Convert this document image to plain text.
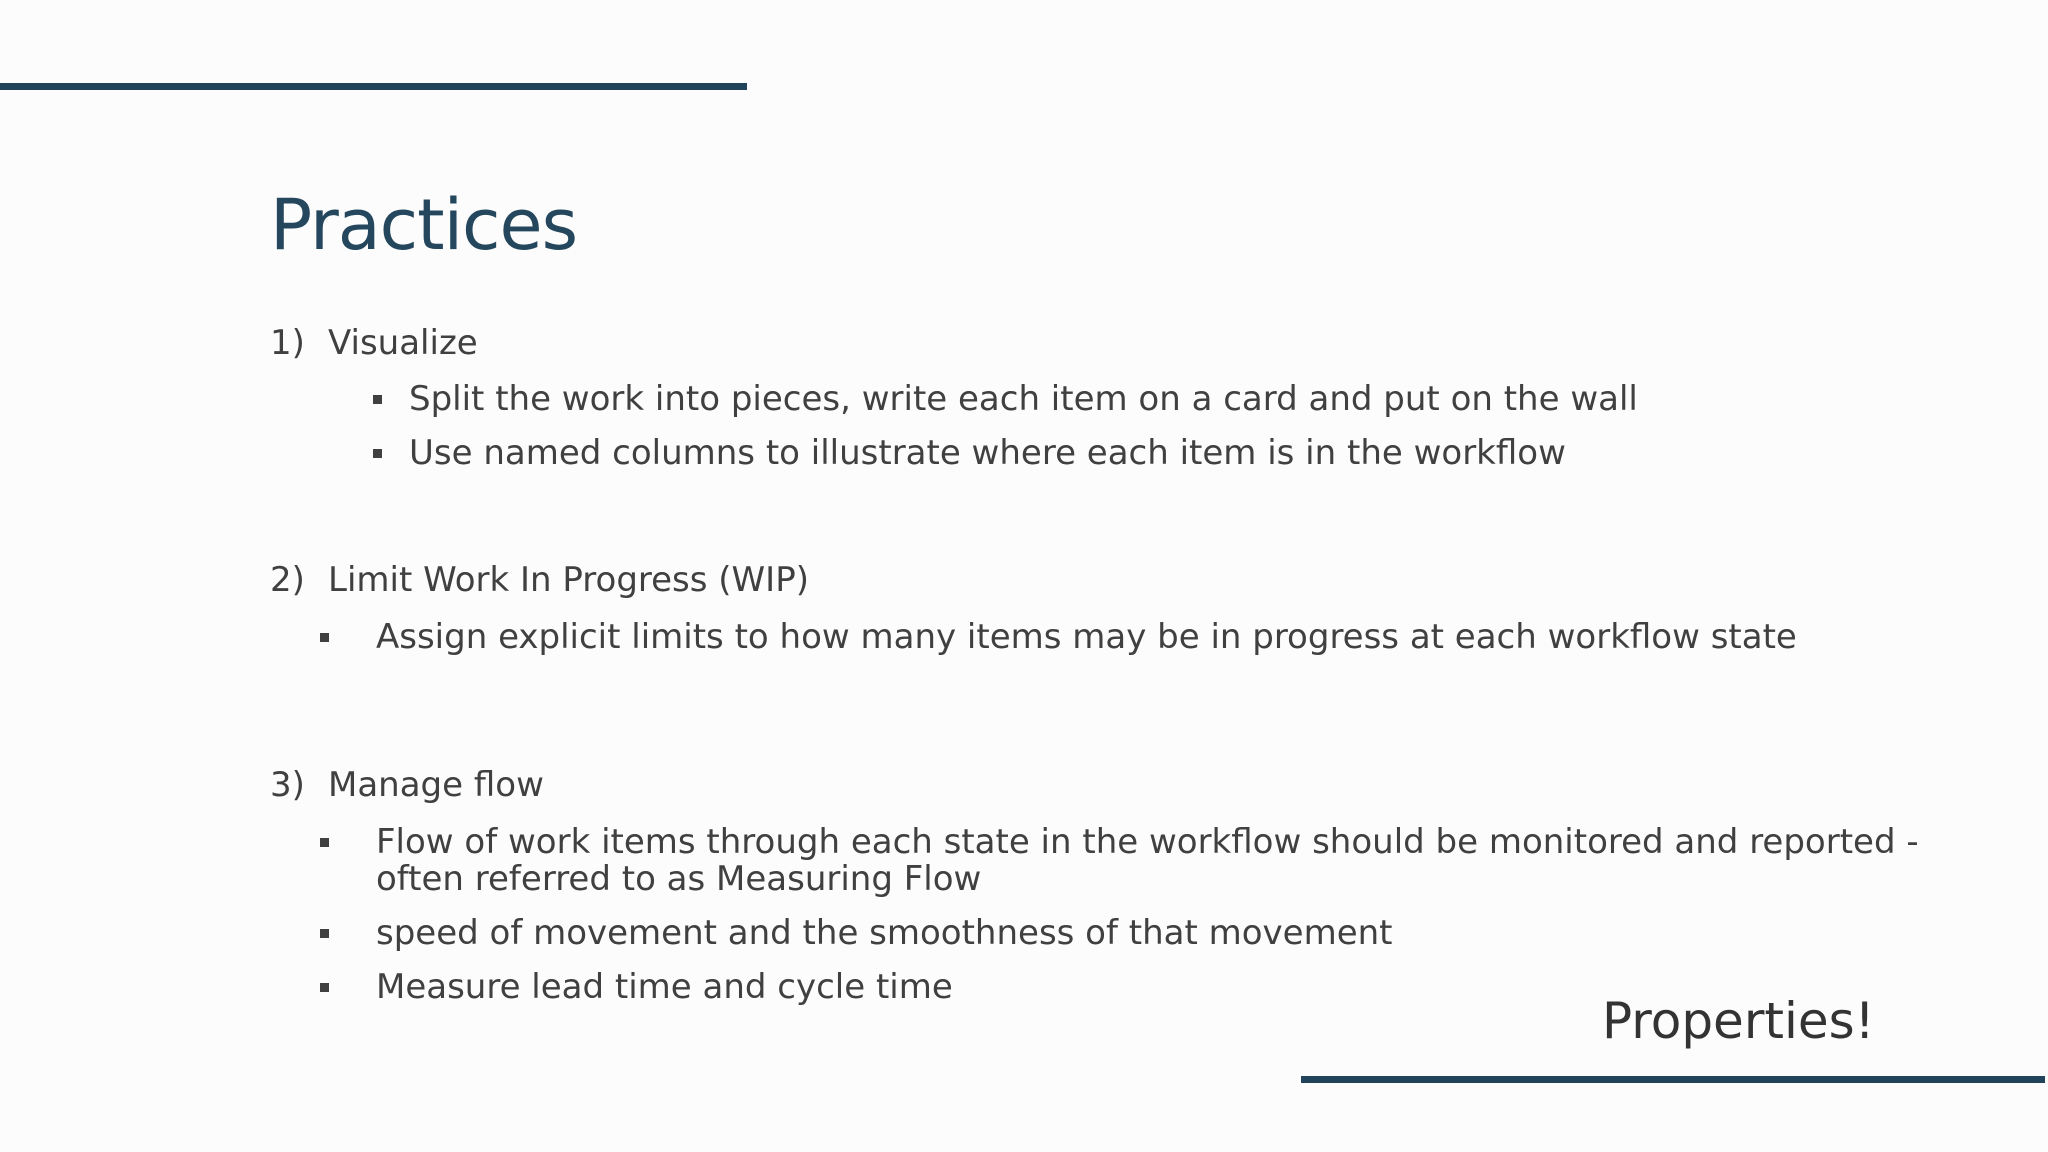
Practices
1) Visualize
Split the work into pieces, write each item on a card and put on the wall
Use named columns to illustrate where each item is in the workflow
2) Limit Work In Progress (WIP)
Assign explicit limits to how many items may be in progress at each workflow state
3) Manage flow
Flow of work items through each state in the workflow should be monitored and reported -
often referred to as Measuring Flow
speed of movement and the smoothness of that movement
Measure lead time and cycle time
Properties!
